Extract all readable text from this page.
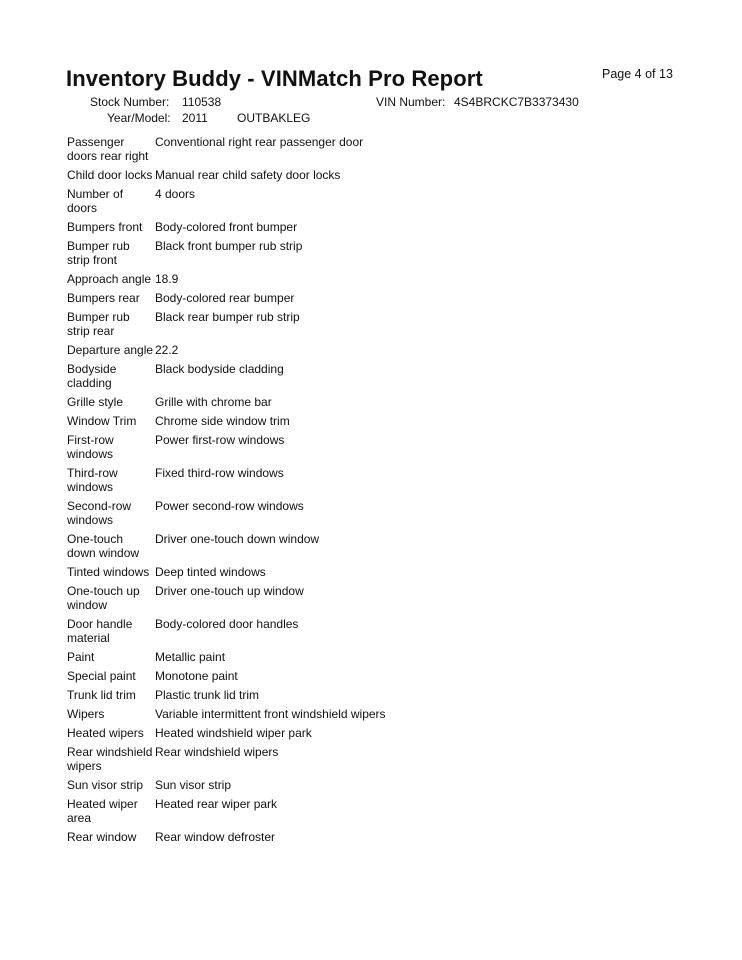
Inventory Buddy - VINMatch Pro Report	Page 4 of 13
Stock Number: 110538	VIN Number: 4S4BRCKC7B3373430
Year/Model: 2011 OUTBAKLEG
Passenger doors rear right	Conventional right rear passenger door
Child door locks	Manual rear child safety door locks
Number of doors	4 doors
Bumpers front	Body-colored front bumper
Bumper rub strip front	Black front bumper rub strip
Approach angle	18.9
Bumpers rear	Body-colored rear bumper
Bumper rub strip rear	Black rear bumper rub strip
Departure angle	22.2
Bodyside cladding	Black bodyside cladding
Grille style	Grille with chrome bar
Window Trim	Chrome side window trim
First-row windows	Power first-row windows
Third-row windows	Fixed third-row windows
Second-row windows	Power second-row windows
One-touch down window	Driver one-touch down window
Tinted windows	Deep tinted windows
One-touch up window	Driver one-touch up window
Door handle material	Body-colored door handles
Paint	Metallic paint
Special paint	Monotone paint
Trunk lid trim	Plastic trunk lid trim
Wipers	Variable intermittent front windshield wipers
Heated wipers	Heated windshield wiper park
Rear windshield wipers	Rear windshield wipers
Sun visor strip	Sun visor strip
Heated wiper area	Heated rear wiper park
Rear window	Rear window defroster
